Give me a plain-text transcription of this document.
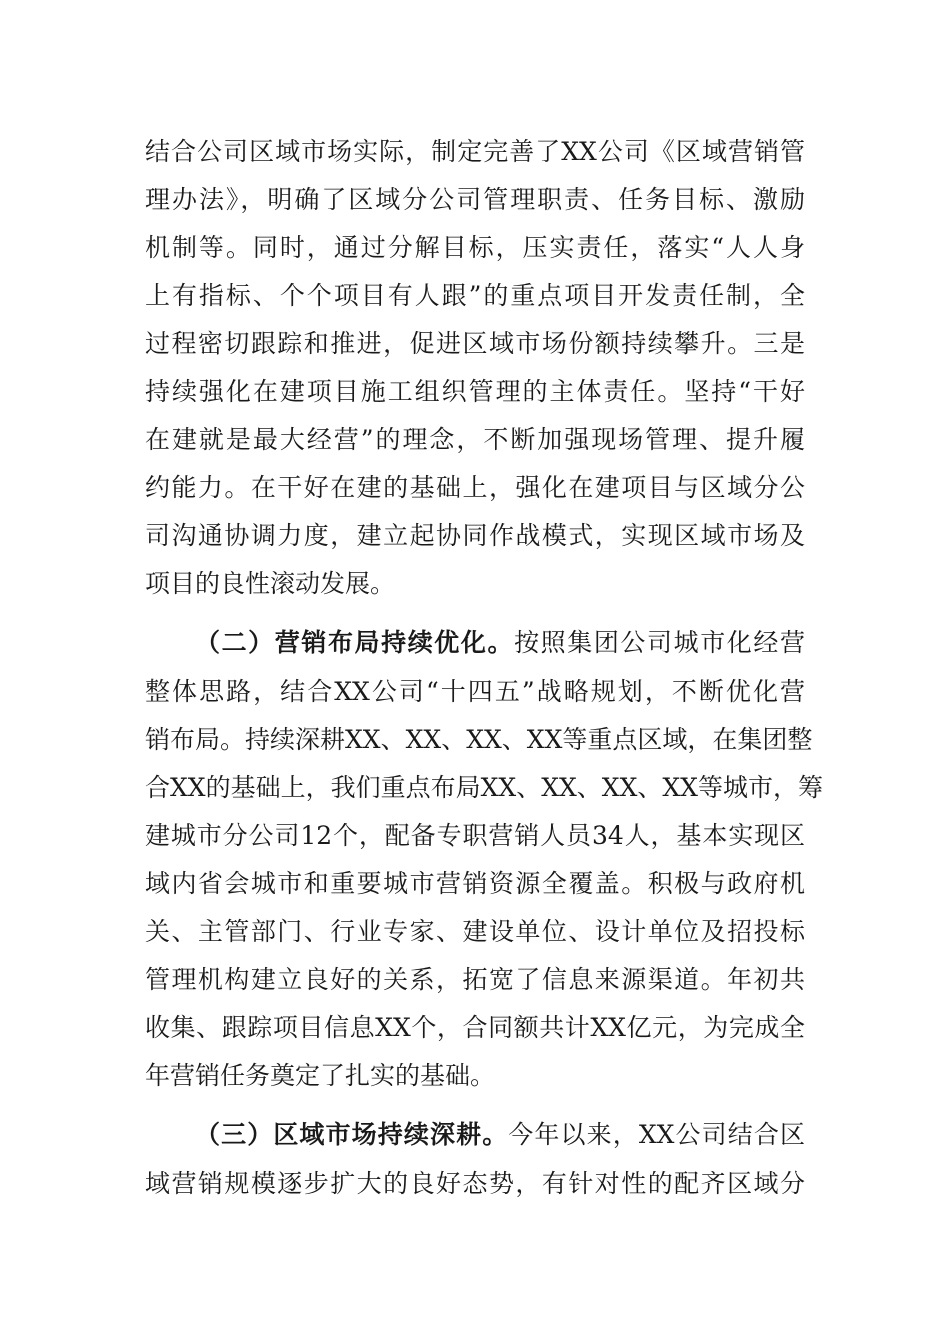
结合公司区域市场实际，制定完善了XX公司《区域营销管
理办法》，明确了区域分公司管理职责、任务目标、激励
机制等。同时，通过分解目标，压实责任，落实“人人身
上有指标、个个项目有人跟”的重点项目开发责任制，全
过程密切跟踪和推进，促进区域市场份额持续攀升。三是
持续强化在建项目施工组织管理的主体责任。坚持“干好
在建就是最大经营”的理念，不断加强现场管理、提升履
约能力。在干好在建的基础上，强化在建项目与区域分公
司沟通协调力度，建立起协同作战模式，实现区域市场及
项目的良性滚动发展。
（二）营销布局持续优化。按照集团公司城市化经营
整体思路，结合XX公司“十四五”战略规划，不断优化营
销布局。持续深耕XX、XX、XX、XX等重点区域，在集团整
合XX的基础上，我们重点布局XX、XX、XX、XX等城市，筹
建城市分公司12个，配备专职营销人员34人，基本实现区
域内省会城市和重要城市营销资源全覆盖。积极与政府机
关、主管部门、行业专家、建设单位、设计单位及招投标
管理机构建立良好的关系，拓宽了信息来源渠道。年初共
收集、跟踪项目信息XX个，合同额共计XX亿元，为完成全
年营销任务奠定了扎实的基础。
（三）区域市场持续深耕。今年以来，XX公司结合区
域营销规模逐步扩大的良好态势，有针对性的配齐区域分
